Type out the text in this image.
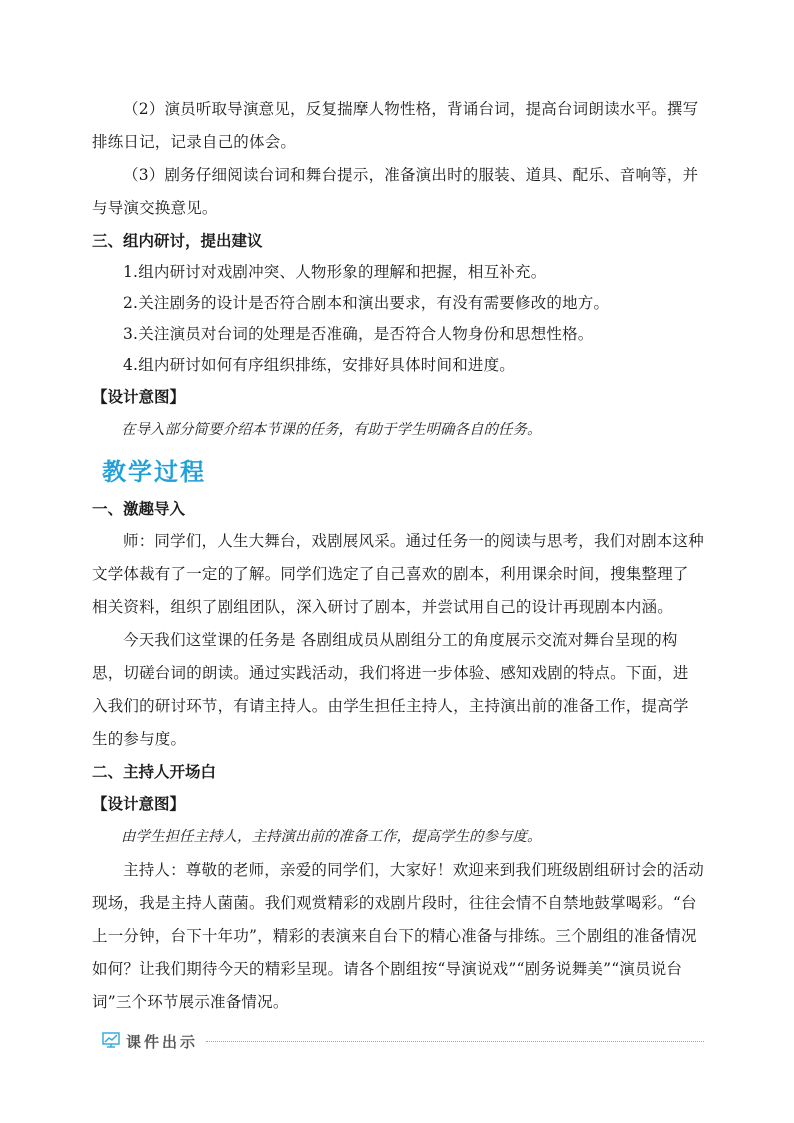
（2）演员听取导演意见，反复揣摩人物性格，背诵台词，提高台词朗读水平。撰写排练日记，记录自己的体会。

（3）剧务仔细阅读台词和舞台提示，准备演出时的服装、道具、配乐、音响等，并与导演交换意见。

三、组内研讨，提出建议

1.组内研讨对戏剧冲突、人物形象的理解和把握，相互补充。

2.关注剧务的设计是否符合剧本和演出要求，有没有需要修改的地方。

3.关注演员对台词的处理是否准确，是否符合人物身份和思想性格。

4.组内研讨如何有序组织排练，安排好具体时间和进度。

【设计意图】

在导入部分简要介绍本节课的任务，有助于学生明确各自的任务。

教学过程

一、激趣导入

师：同学们，人生大舞台，戏剧展风采。通过任务一的阅读与思考，我们对剧本这种文学体裁有了一定的了解。同学们选定了自己喜欢的剧本，利用课余时间，搜集整理了相关资料，组织了剧组团队，深入研讨了剧本，并尝试用自己的设计再现剧本内涵。

今天我们这堂课的任务是 各剧组成员从剧组分工的角度展示交流对舞台呈现的构思，切磋台词的朗读。通过实践活动，我们将进一步体验、感知戏剧的特点。下面，进入我们的研讨环节，有请主持人。由学生担任主持人，主持演出前的准备工作，提高学生的参与度。

二、主持人开场白

【设计意图】

由学生担任主持人，主持演出前的准备工作，提高学生的参与度。

主持人：尊敬的老师，亲爱的同学们，大家好！欢迎来到我们班级剧组研讨会的活动现场，我是主持人菌菌。我们观赏精彩的戏剧片段时，往往会情不自禁地鼓掌喝彩。“台上一分钟，台下十年功”，精彩的表演来自台下的精心准备与排练。三个剧组的准备情况如何？让我们期待今天的精彩呈现。请各个剧组按“导演说戏”“剧务说舞美”“演员说台词”三个环节展示准备情况。

课件出示
